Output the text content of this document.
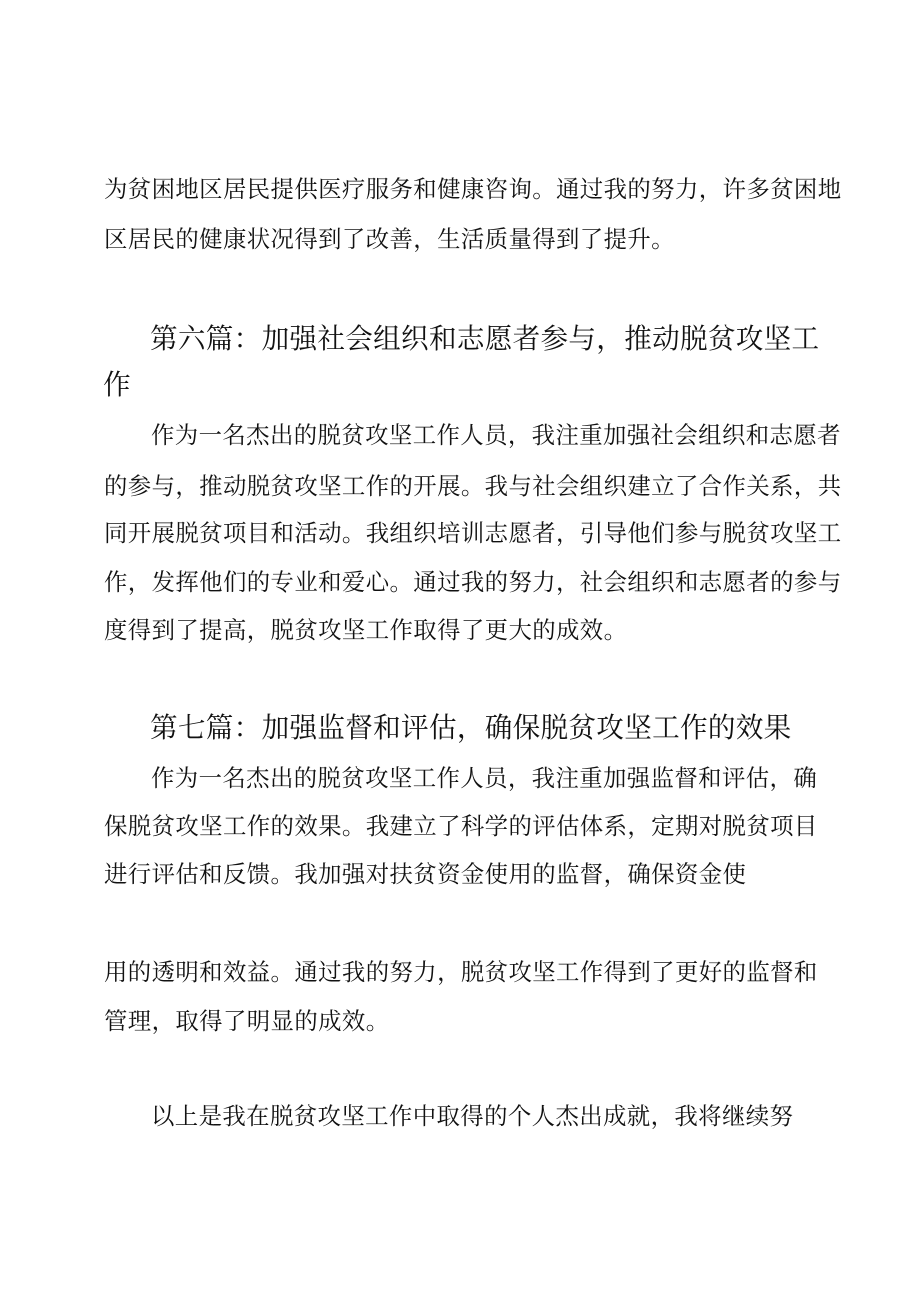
为贫困地区居民提供医疗服务和健康咨询。通过我的努力，许多贫困地
区居民的健康状况得到了改善，生活质量得到了提升。
第六篇：加强社会组织和志愿者参与，推动脱贫攻坚工
作
作为一名杰出的脱贫攻坚工作人员，我注重加强社会组织和志愿者
的参与，推动脱贫攻坚工作的开展。我与社会组织建立了合作关系，共
同开展脱贫项目和活动。我组织培训志愿者，引导他们参与脱贫攻坚工
作，发挥他们的专业和爱心。通过我的努力，社会组织和志愿者的参与
度得到了提高，脱贫攻坚工作取得了更大的成效。
第七篇：加强监督和评估，确保脱贫攻坚工作的效果
作为一名杰出的脱贫攻坚工作人员，我注重加强监督和评估，确
保脱贫攻坚工作的效果。我建立了科学的评估体系，定期对脱贫项目
进行评估和反馈。我加强对扶贫资金使用的监督，确保资金使
用的透明和效益。通过我的努力，脱贫攻坚工作得到了更好的监督和
管理，取得了明显的成效。
以上是我在脱贫攻坚工作中取得的个人杰出成就，我将继续努
